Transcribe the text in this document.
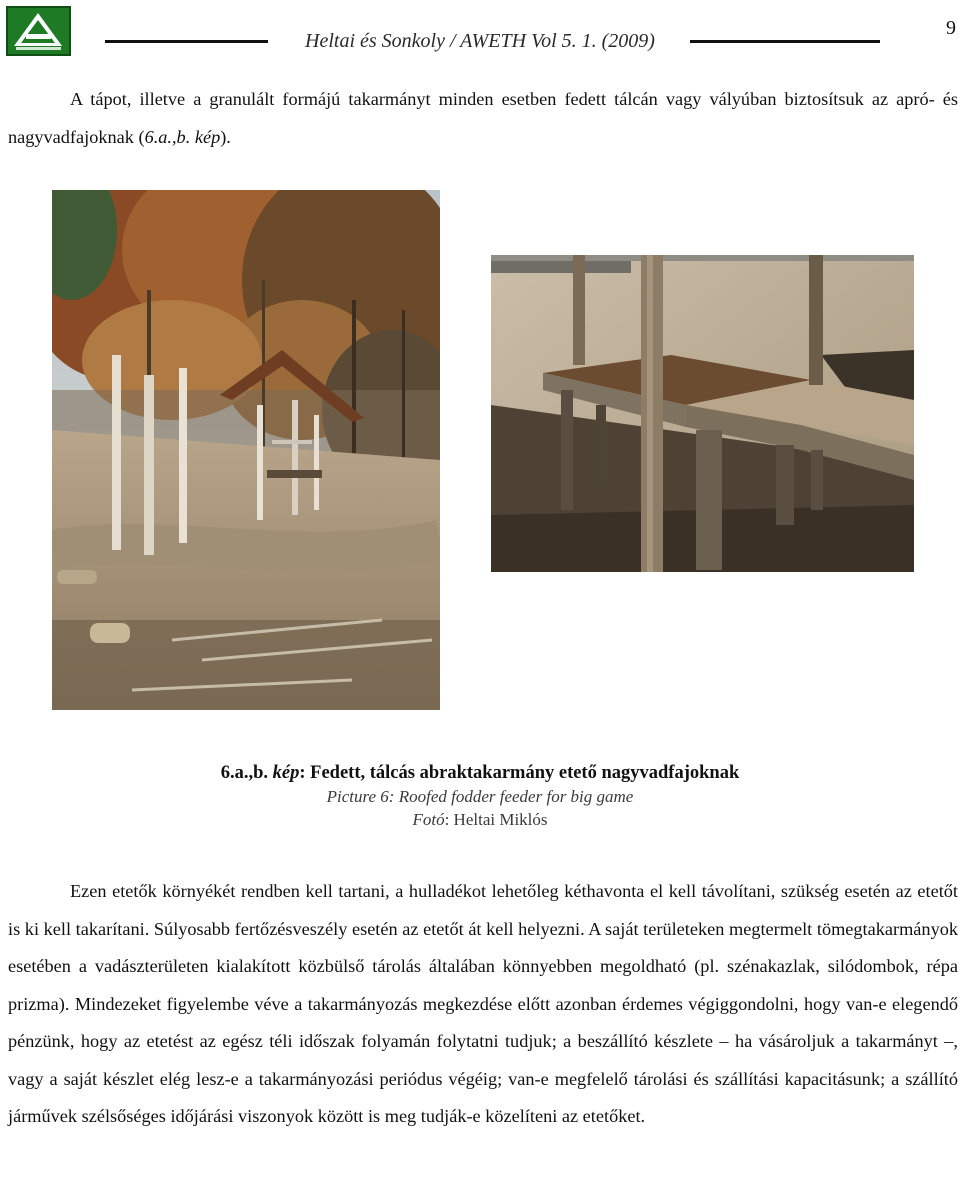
Heltai és Sonkoly / AWETH Vol 5. 1. (2009)
9

A tápot, illetve a granulált formájú takarmányt minden esetben fedett tálcán vagy vályúban biztosítsuk az apró- és nagyvadfajoknak (6.a.,b. kép).

6.a.,b. kép: Fedett, tálcás abraktakarmány etető nagyvadfajoknak
Picture 6: Roofed fodder feeder for big game
Fotó: Heltai Miklós

Ezen etetők környékét rendben kell tartani, a hulladékot lehetőleg kéthavonta el kell távolítani, szükség esetén az etetőt is ki kell takarítani. Súlyosabb fertőzésveszély esetén az etetőt át kell helyezni. A saját területeken megtermelt tömegtakarmányok esetében a vadászterületen kialakított közbülső tárolás általában könnyebben megoldható (pl. szénakazlak, silódombok, répa prizma). Mindezeket figyelembe véve a takarmányozás megkezdése előtt azonban érdemes végiggondolni, hogy van-e elegendő pénzünk, hogy az etetést az egész téli időszak folyamán folytatni tudjuk; a beszállító készlete – ha vásároljuk a takarmányt –, vagy a saját készlet elég lesz-e a takarmányozási periódus végéig; van-e megfelelő tárolási és szállítási kapacitásunk; a szállító járművek szélsőséges időjárási viszonyok között is meg tudják-e közelíteni az etetőket.
